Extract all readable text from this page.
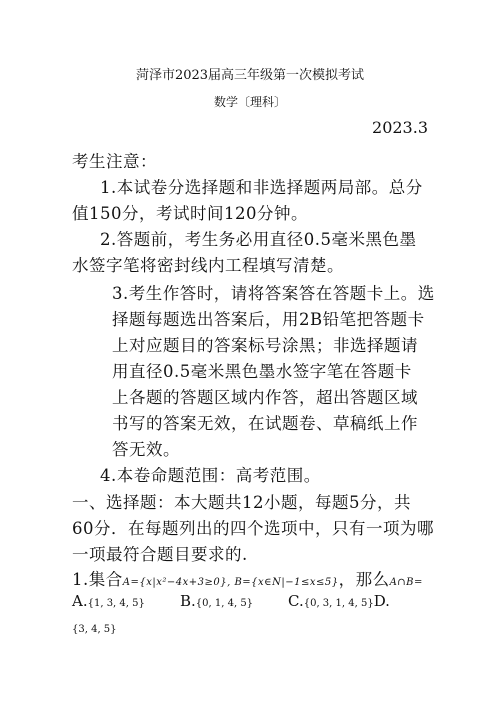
菏泽市2023届高三年级第一次模拟考试
数学〔理科〕
2023.3
考生注意：
1.本试卷分选择题和非选择题两局部。总分
值150分，考试时间120分钟。
2.答题前，考生务必用直径0.5毫米黑色墨
水签字笔将密封线内工程填写清楚。
3.考生作答时，请将答案答在答题卡上。选
择题每题选出答案后，用2B铅笔把答题卡
上对应题目的答案标号涂黑；非选择题请
用直径0.5毫米黑色墨水签字笔在答题卡
上各题的答题区域内作答，超出答题区域
书写的答案无效，在试题卷、草稿纸上作
答无效。
4.本卷命题范围：高考范围。
一、选择题：本大题共12小题，每题5分，共
60分．在每题列出的四个选项中，只有一项为哪
一项最符合题目要求的.
1.集合A={x|x²−4x+3≥0}, B={x∈N|−1≤x≤5}，那么A∩B=
A.{1, 3, 4, 5} B.{0, 1, 4, 5} C.{0, 3, 1, 4, 5}D.
{3, 4, 5}
